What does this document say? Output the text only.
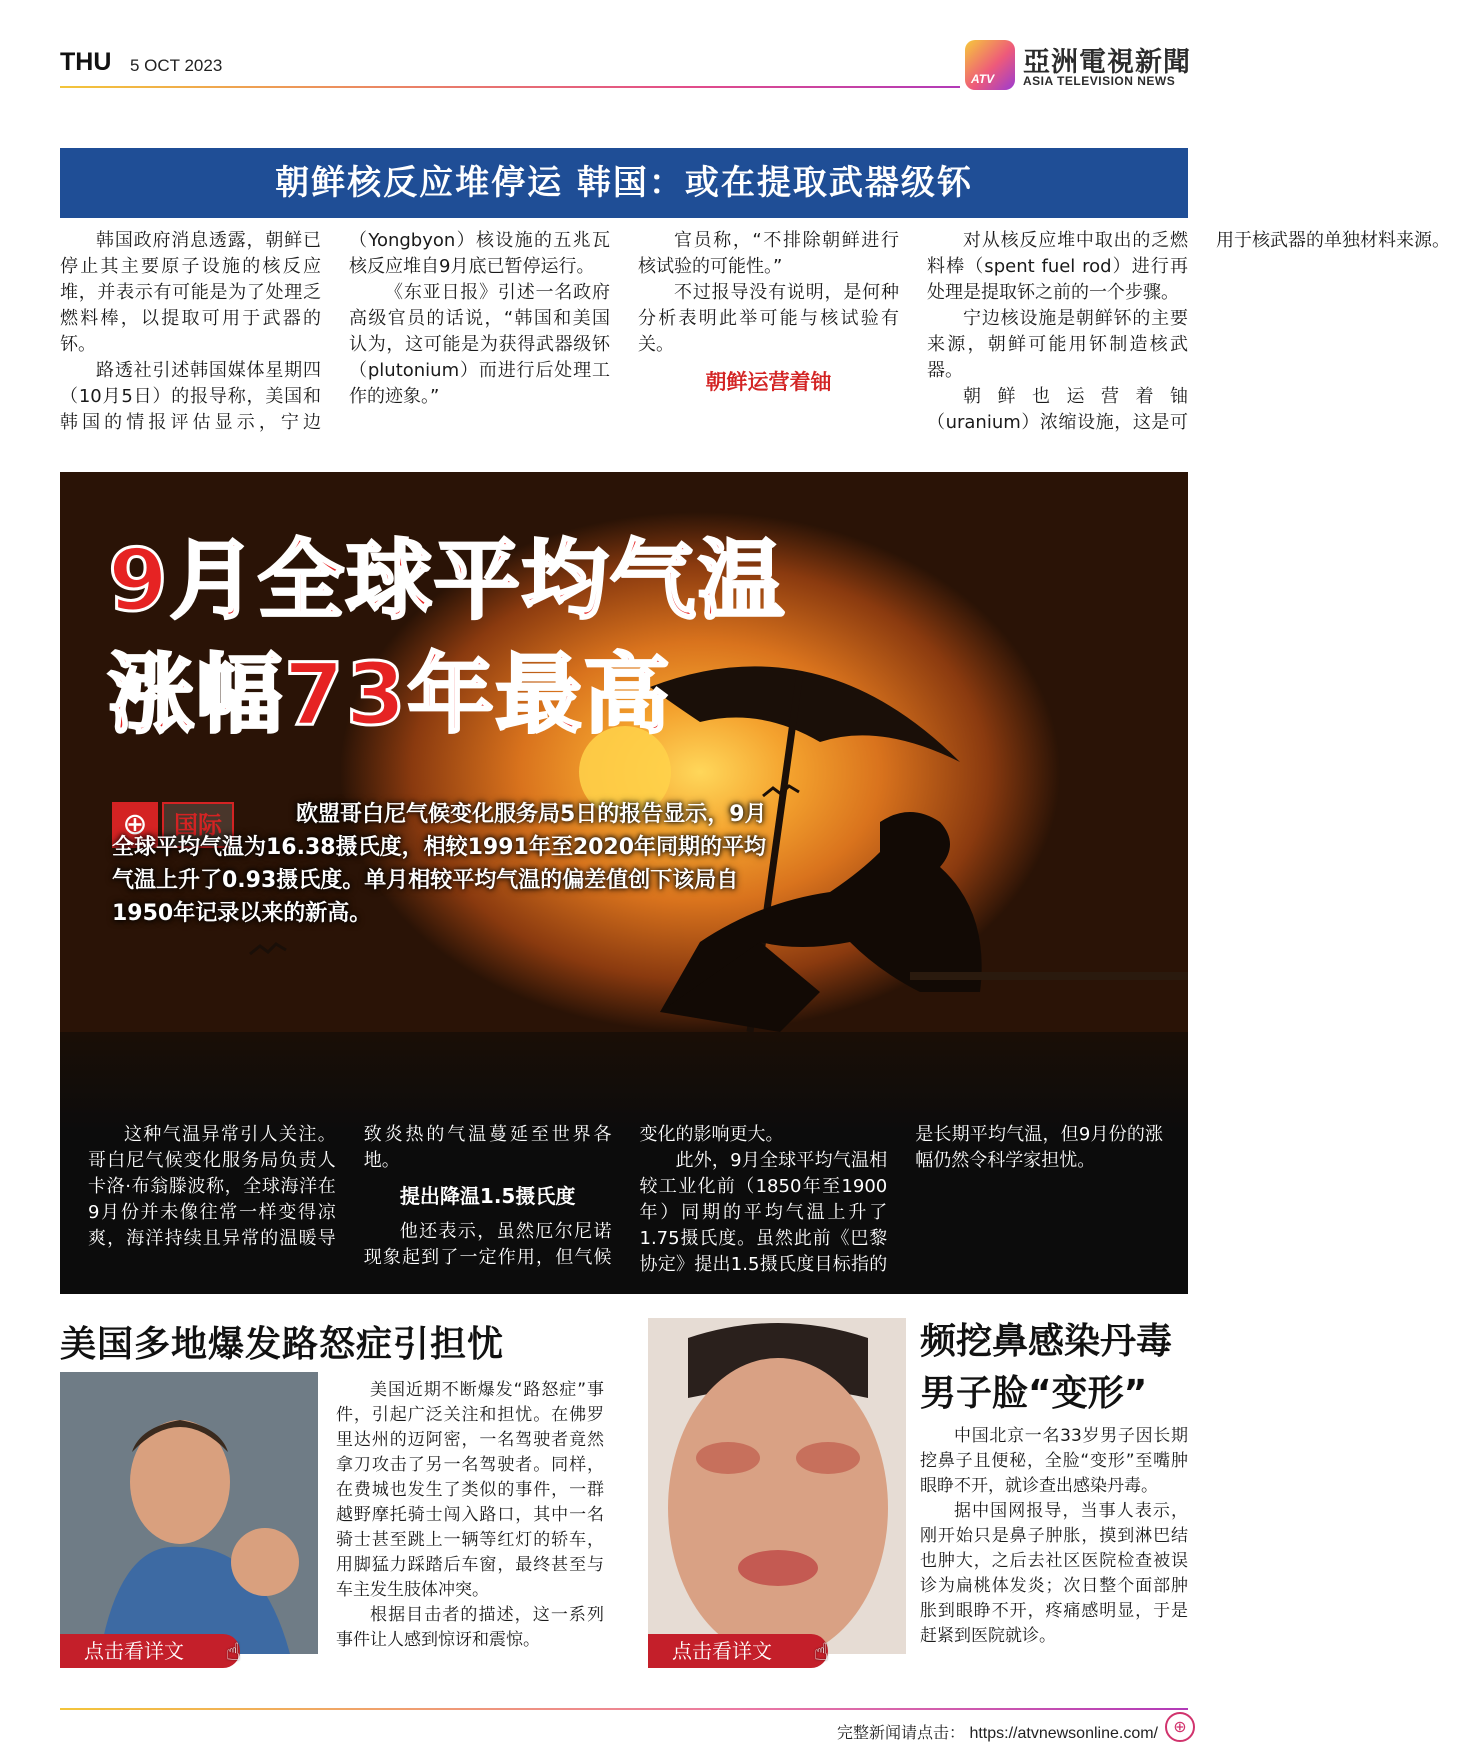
THU 5 OCT 2023
ATV
亞洲電視新聞
ASIA TELEVISION NEWS
朝鲜核反应堆停运 韩国：或在提取武器级钚

韩国政府消息透露，朝鲜已停止其主要原子设施的核反应堆，并表示有可能是为了处理乏燃料棒，以提取可用于武器的钚。

路透社引述韩国媒体星期四（10月5日）的报导称，美国和韩国的情报评估显示，宁边（Yongbyon）核设施的五兆瓦核反应堆自9月底已暂停运行。

《东亚日报》引述一名政府高级官员的话说，“韩国和美国认为，这可能是为获得武器级钚（plutonium）而进行后处理工作的迹象。”

官员称，“不排除朝鲜进行核试验的可能性。”

不过报导没有说明，是何种分析表明此举可能与核试验有关。

朝鲜运营着铀

对从核反应堆中取出的乏燃料棒（spent fuel rod）进行再处理是提取钚之前的一个步骤。

宁边核设施是朝鲜钚的主要来源，朝鲜可能用钚制造核武器。

朝鲜也运营着铀（uranium）浓缩设施，这是可用于核武器的单独材料来源。

9月全球平均气温
涨幅73年最高
⊕	国际	欧盟哥白尼气候变化服务局5日的报告显示，9月全球平均气温为16.38摄氏度，相较1991年至2020年同期的平均气温上升了0.93摄氏度。单月相较平均气温的偏差值创下该局自1950年记录以来的新高。

这种气温异常引人关注。哥白尼气候变化服务局负责人卡洛·布翁滕波称，全球海洋在9月份并未像往常一样变得凉爽，海洋持续且异常的温暖导致炎热的气温蔓延至世界各地。

提出降温1.5摄氏度

他还表示，虽然厄尔尼诺现象起到了一定作用，但气候变化的影响更大。

此外，9月全球平均气温相较工业化前（1850年至1900年）同期的平均气温上升了1.75摄氏度。虽然此前《巴黎协定》提出1.5摄氏度目标指的是长期平均气温，但9月份的涨幅仍然令科学家担忧。

美国多地爆发路怒症引担忧
点击看详文	☝

美国近期不断爆发“路怒症”事件，引起广泛关注和担忧。在佛罗里达州的迈阿密，一名驾驶者竟然拿刀攻击了另一名驾驶者。同样，在费城也发生了类似的事件，一群越野摩托骑士闯入路口，其中一名骑士甚至跳上一辆等红灯的轿车，用脚猛力踩踏后车窗，最终甚至与车主发生肢体冲突。

根据目击者的描述，这一系列事件让人感到惊讶和震惊。	点击看详文	☝
频挖鼻感染丹毒
男子脸“变形”

中国北京一名33岁男子因长期挖鼻子且便秘，全脸“变形”至嘴肿眼睁不开，就诊查出感染丹毒。

据中国网报导，当事人表示，刚开始只是鼻子肿胀，摸到淋巴结也肿大，之后去社区医院检查被误诊为扁桃体发炎；次日整个面部肿胀到眼睁不开，疼痛感明显，于是赶紧到医院就诊。

完整新闻请点击： https://atvnewsonline.com/ ⊕
